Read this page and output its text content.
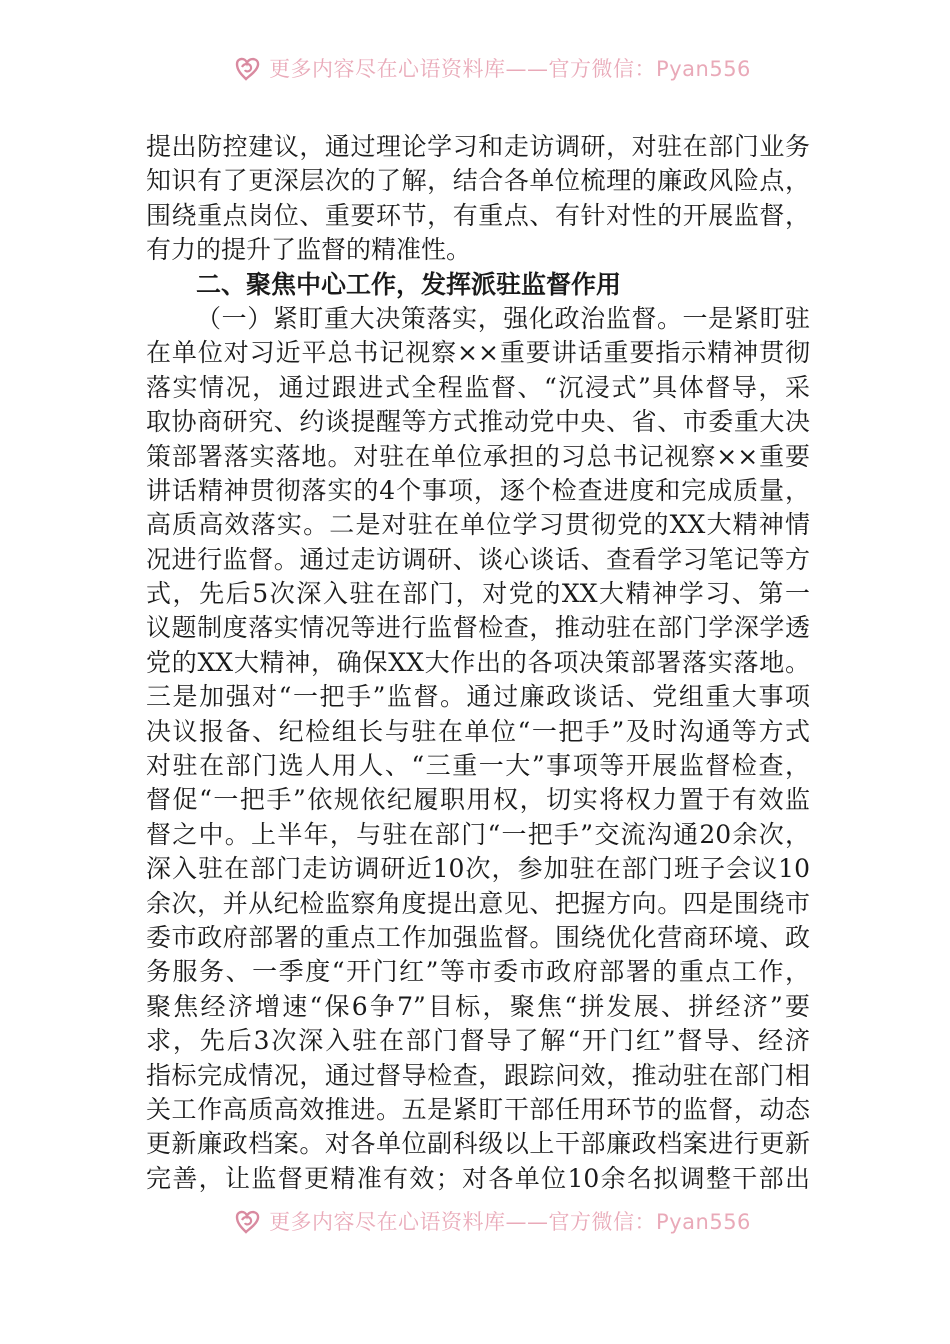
更多内容尽在心语资料库——官方微信：Pyan556
提出防控建议，通过理论学习和走访调研，对驻在部门业务
知识有了更深层次的了解，结合各单位梳理的廉政风险点，
围绕重点岗位、重要环节，有重点、有针对性的开展监督，
有力的提升了监督的精准性。
二、聚焦中心工作，发挥派驻监督作用
（一）紧盯重大决策落实，强化政治监督。一是紧盯驻
在单位对习近平总书记视察××重要讲话重要指示精神贯彻
落实情况，通过跟进式全程监督、“沉浸式”具体督导，采
取协商研究、约谈提醒等方式推动党中央、省、市委重大决
策部署落实落地。对驻在单位承担的习总书记视察××重要
讲话精神贯彻落实的4个事项，逐个检查进度和完成质量，
高质高效落实。二是对驻在单位学习贯彻党的XX大精神情
况进行监督。通过走访调研、谈心谈话、查看学习笔记等方
式，先后5次深入驻在部门，对党的XX大精神学习、第一
议题制度落实情况等进行监督检查，推动驻在部门学深学透
党的XX大精神，确保XX大作出的各项决策部署落实落地。
三是加强对“一把手”监督。通过廉政谈话、党组重大事项
决议报备、纪检组长与驻在单位“一把手”及时沟通等方式
对驻在部门选人用人、“三重一大”事项等开展监督检查，
督促“一把手”依规依纪履职用权，切实将权力置于有效监
督之中。上半年，与驻在部门“一把手”交流沟通20余次，
深入驻在部门走访调研近10次，参加驻在部门班子会议10
余次，并从纪检监察角度提出意见、把握方向。四是围绕市
委市政府部署的重点工作加强监督。围绕优化营商环境、政
务服务、一季度“开门红”等市委市政府部署的重点工作，
聚焦经济增速“保6争7”目标，聚焦“拼发展、拼经济”要
求，先后3次深入驻在部门督导了解“开门红”督导、经济
指标完成情况，通过督导检查，跟踪问效，推动驻在部门相
关工作高质高效推进。五是紧盯干部任用环节的监督，动态
更新廉政档案。对各单位副科级以上干部廉政档案进行更新
完善，让监督更精准有效；对各单位10余名拟调整干部出
更多内容尽在心语资料库——官方微信：Pyan556
